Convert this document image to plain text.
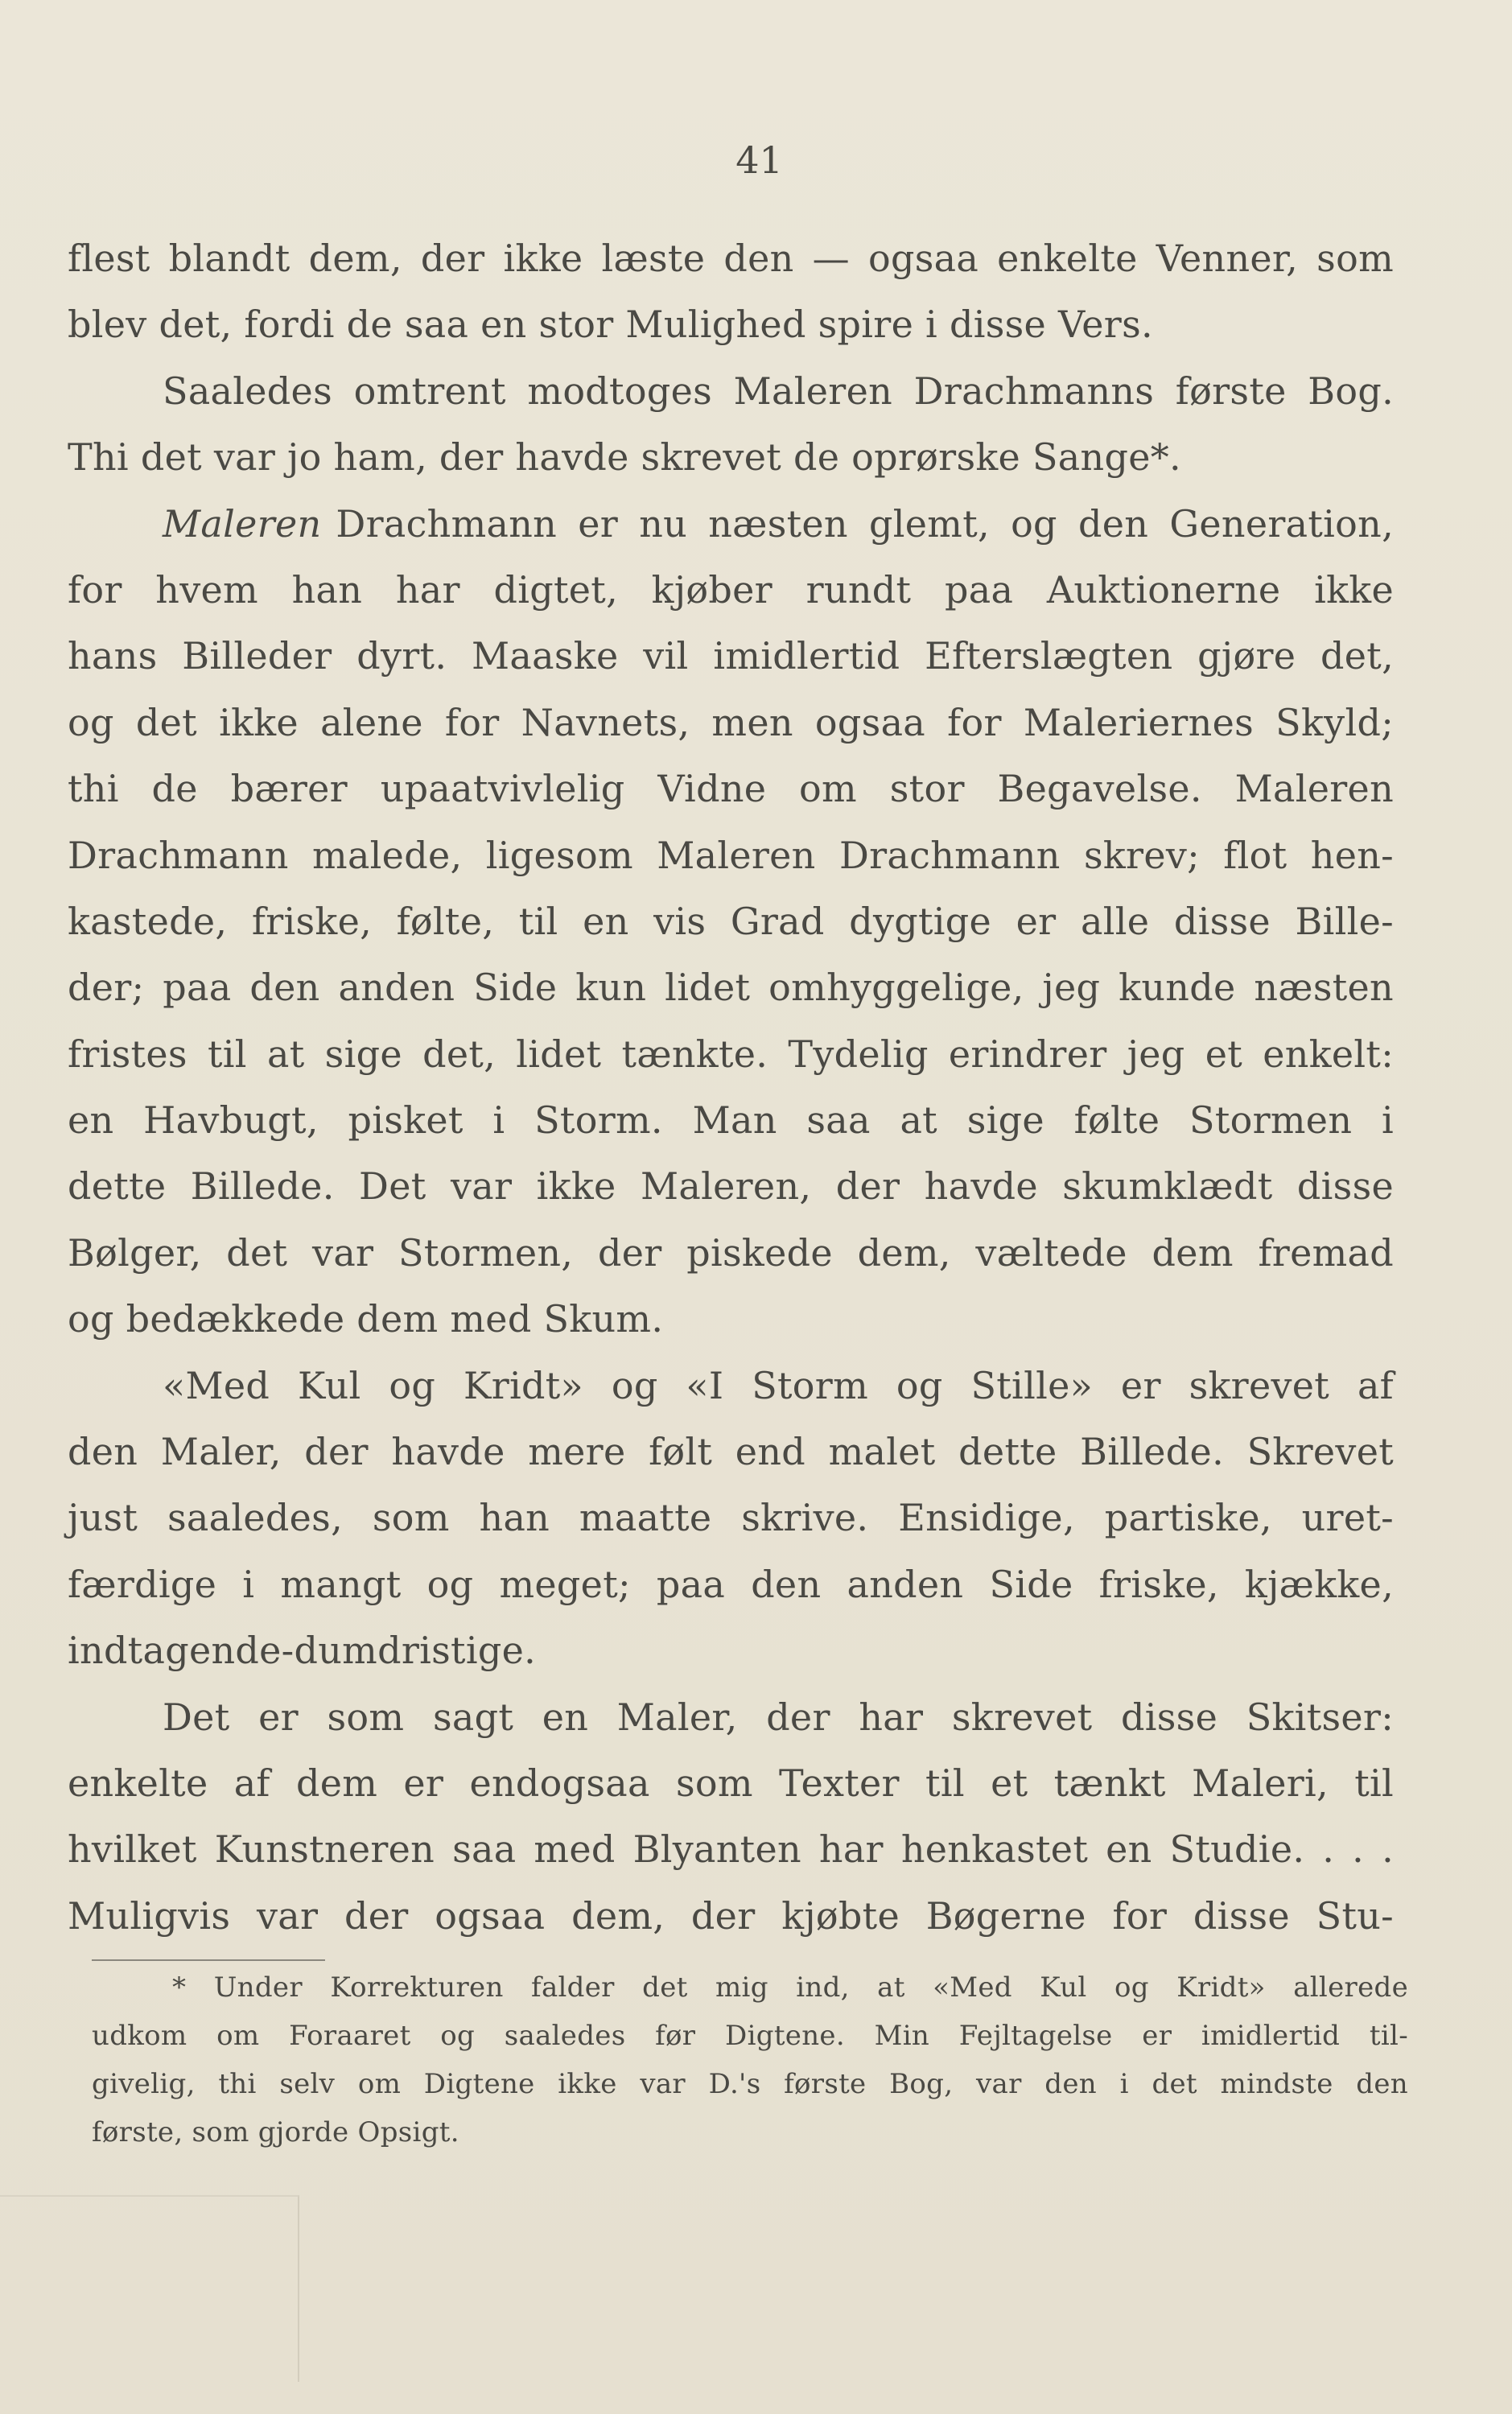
41
flest blandt dem, der ikke læste den — ogsaa enkelte Venner, som
blev det, fordi de saa en stor Mulighed spire i disse Vers.
Saaledes omtrent modtoges Maleren Drachmanns første Bog.
Thi det var jo ham, der havde skrevet de oprørske Sange*.
Maleren Drachmann er nu næsten glemt, og den Generation,
for hvem han har digtet, kjøber rundt paa Auktionerne ikke
hans Billeder dyrt. Maaske vil imidlertid Efterslægten gjøre det,
og det ikke alene for Navnets, men ogsaa for Maleriernes Skyld;
thi de bærer upaatvivlelig Vidne om stor Begavelse. Maleren
Drachmann malede, ligesom Maleren Drachmann skrev; flot hen-
kastede, friske, følte, til en vis Grad dygtige er alle disse Bille-
der; paa den anden Side kun lidet omhyggelige, jeg kunde næsten
fristes til at sige det, lidet tænkte. Tydelig erindrer jeg et enkelt:
en Havbugt, pisket i Storm. Man saa at sige følte Stormen i
dette Billede. Det var ikke Maleren, der havde skumklædt disse
Bølger, det var Stormen, der piskede dem, væltede dem fremad
og bedækkede dem med Skum.
«Med Kul og Kridt» og «I Storm og Stille» er skrevet af
den Maler, der havde mere følt end malet dette Billede. Skrevet
just saaledes, som han maatte skrive. Ensidige, partiske, uret-
færdige i mangt og meget; paa den anden Side friske, kjække,
indtagende-dumdristige.
Det er som sagt en Maler, der har skrevet disse Skitser:
enkelte af dem er endogsaa som Texter til et tænkt Maleri, til
hvilket Kunstneren saa med Blyanten har henkastet en Studie. . . .
Muligvis var der ogsaa dem, der kjøbte Bøgerne for disse Stu-
* Under Korrekturen falder det mig ind, at «Med Kul og Kridt» allerede
udkom om Foraaret og saaledes før Digtene. Min Fejltagelse er imidlertid til-
givelig, thi selv om Digtene ikke var D.'s første Bog, var den i det mindste den
første, som gjorde Opsigt.
